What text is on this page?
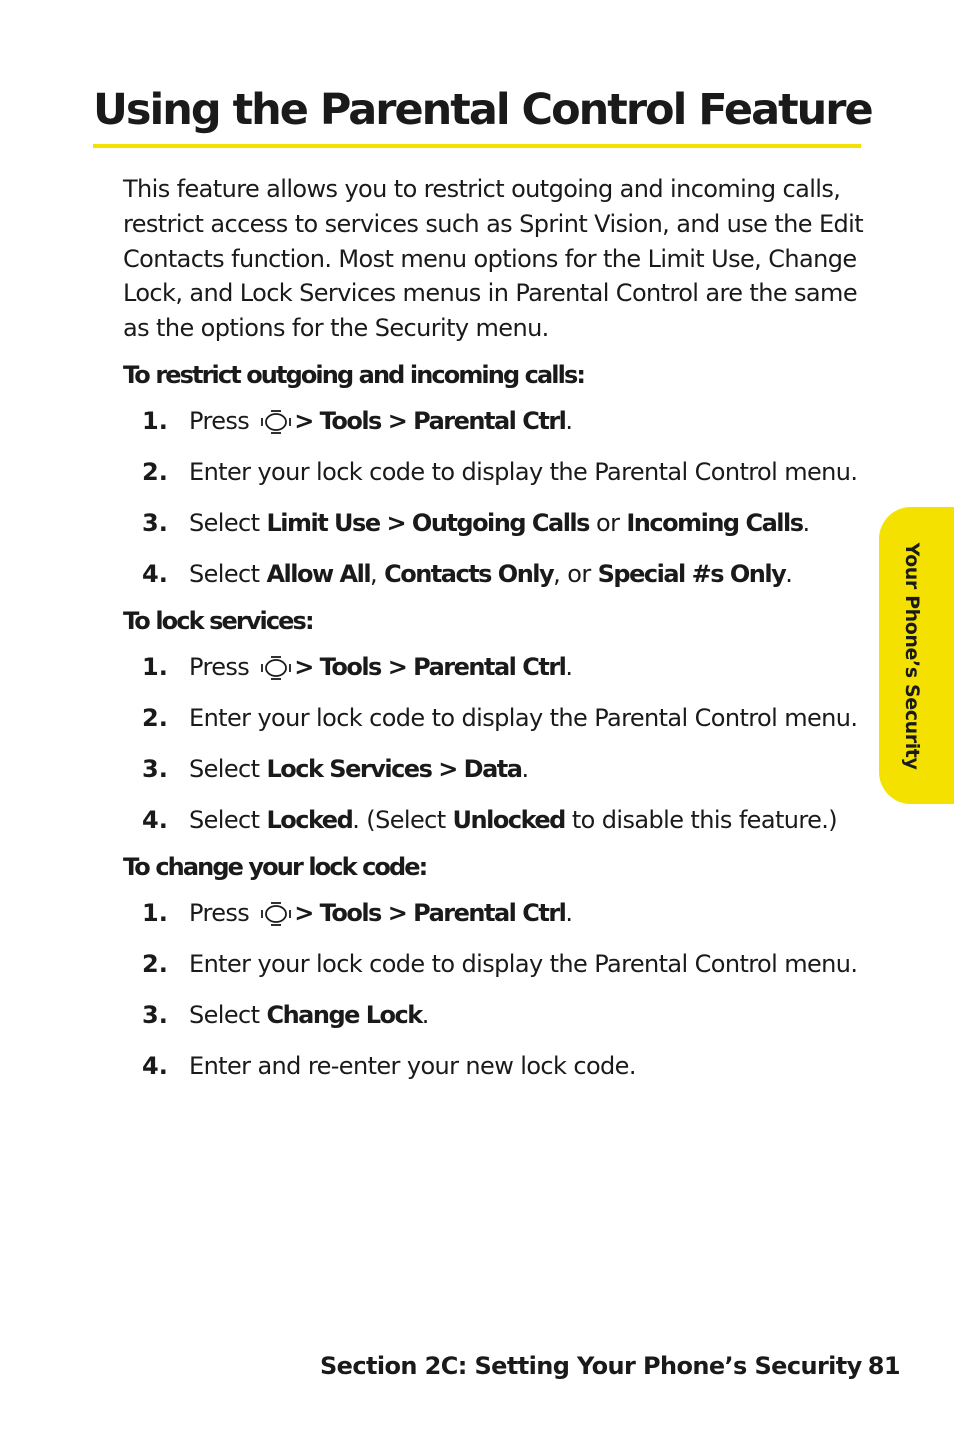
Using the Parental Control Feature

This feature allows you to restrict outgoing and incoming calls, restrict access to services such as Sprint Vision, and use the Edit Contacts function. Most menu options for the Limit Use, Change Lock, and Lock Services menus in Parental Control are the same as the options for the Security menu.

To restrict outgoing and incoming calls:
1. Press
> Tools > Parental Ctrl.
2. Enter your lock code to display the Parental Control menu.
3. Select Limit Use > Outgoing Calls or Incoming Calls.
4. Select Allow All, Contacts Only, or Special #s Only.
To lock services:
1. Press
> Tools > Parental Ctrl.
2. Enter your lock code to display the Parental Control menu.
3. Select Lock Services > Data.
4. Select Locked. (Select Unlocked to disable this feature.)
To change your lock code:
1. Press
> Tools > Parental Ctrl.
2. Enter your lock code to display the Parental Control menu.
3. Select Change Lock.
4. Enter and re-enter your new lock code.
Your Phone’s Security
Section 2C: Setting Your Phone’s Security 81
